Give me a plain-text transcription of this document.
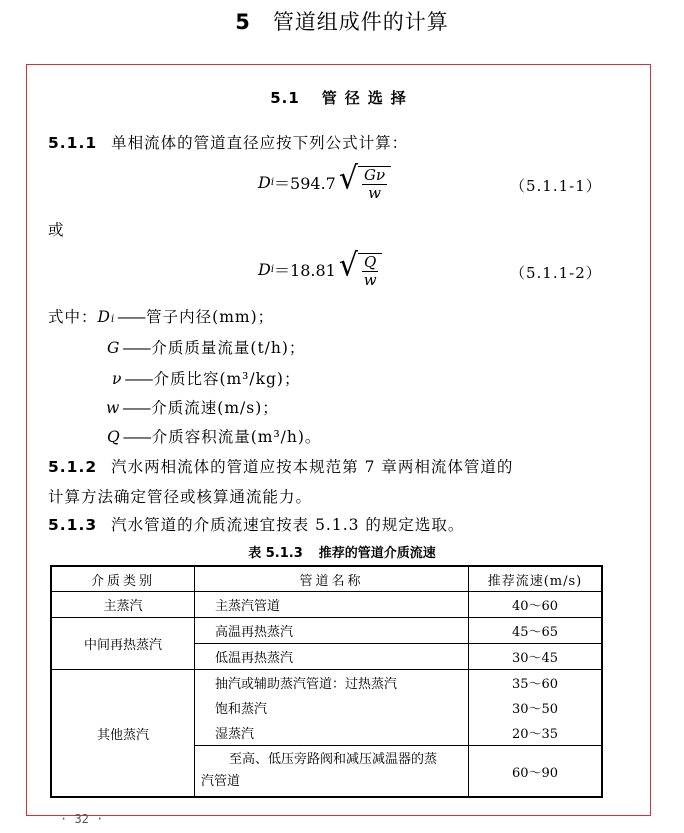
5 管道组成件的计算
5.1 管径选择
5.1.1 单相流体的管道直径应按下列公式计算：
D i ＝594.7 √ $\frac{G\nu}{w}$	（5.1.1-1）
或
D i ＝18.81 √ $\frac{Q}{w}$	（5.1.1-2）
式中：Di —— 管子内径(mm)；
G —— 介质质量流量(t/h)；
ν —— 介质比容(m³/kg)；
w —— 介质流速(m/s)；
Q —— 介质容积流量(m³/h)。
5.1.2 汽水两相流体的管道应按本规范第 7 章两相流体管道的
计算方法确定管径或核算通流能力。
5.1.3 汽水管道的介质流速宜按表 5.1.3 的规定选取。
表 5.1.3 推荐的管道介质流速
介质类别	管道名称	推荐流速(m/s)
主蒸汽	主蒸汽管道	40～60
中间再热蒸汽	高温再热蒸汽	45～65
	低温再热蒸汽	30～45
其他蒸汽	抽汽或辅助蒸汽管道：过热蒸汽	35～60
	饱和蒸汽	30～50
	湿蒸汽	20～35

	至高、低压旁路阀和减压减温器的蒸
汽管道	60～90
· 32 ·
